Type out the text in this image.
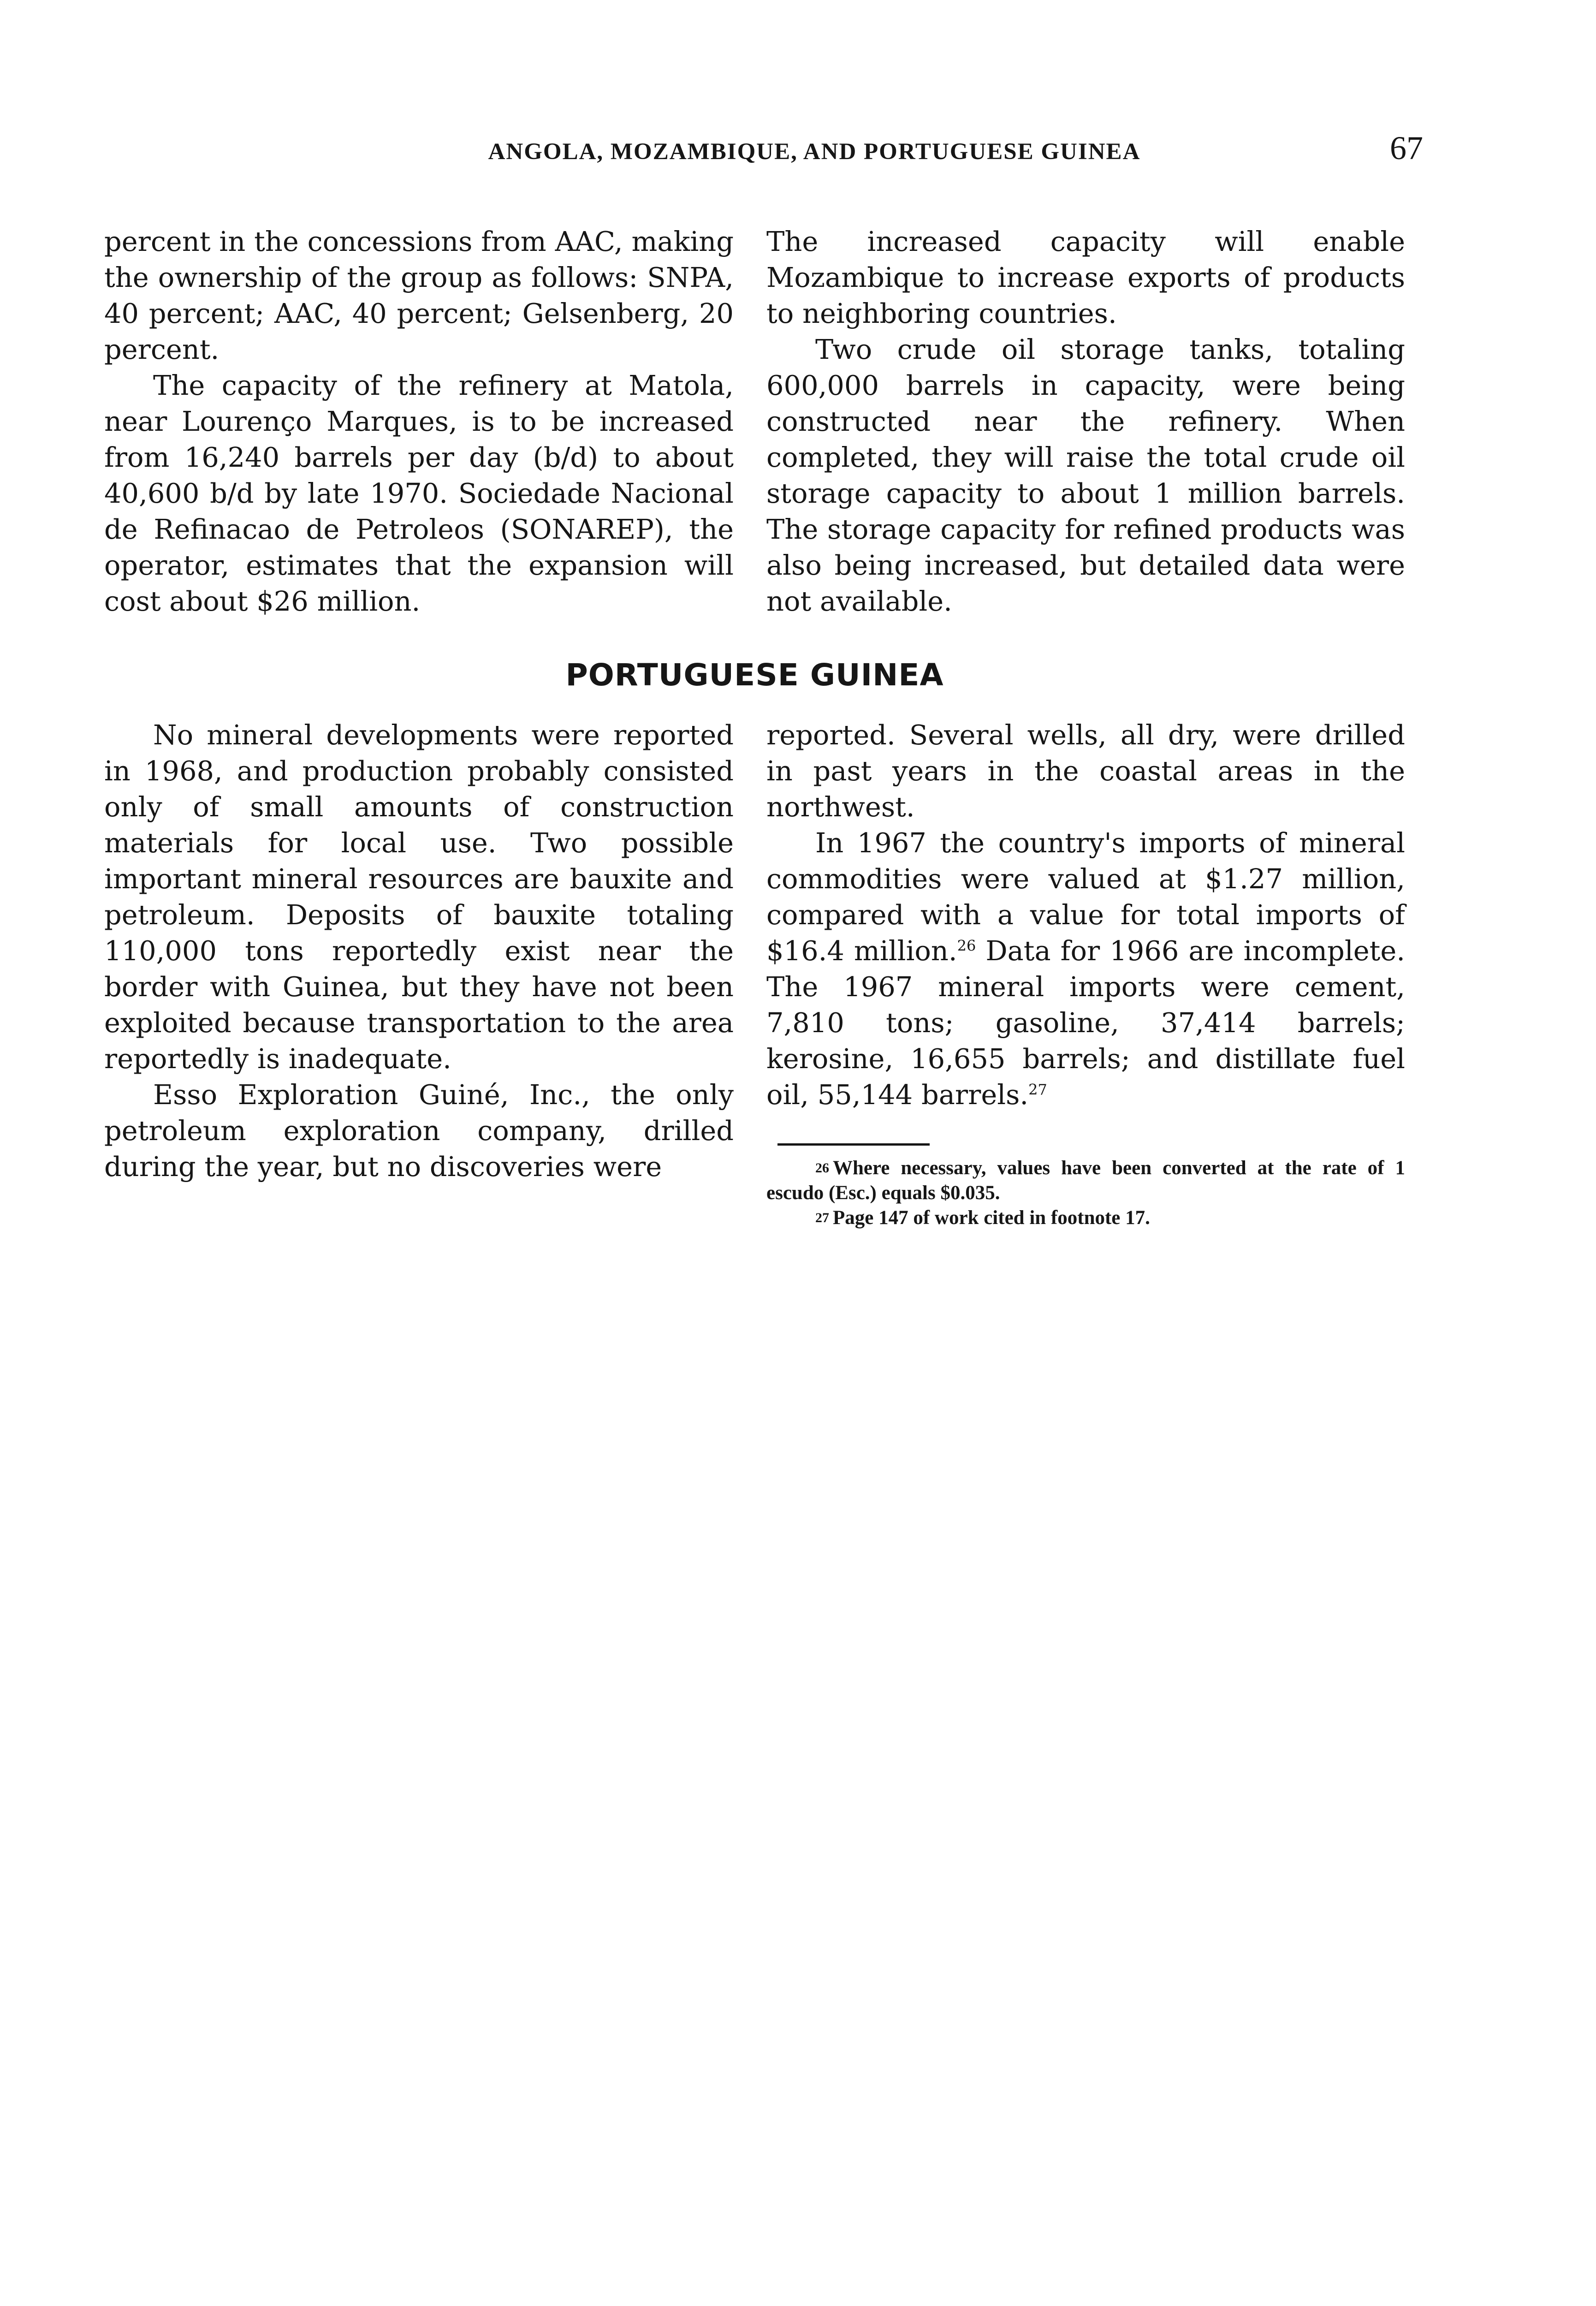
ANGOLA, MOZAMBIQUE, AND PORTUGUESE GUINEA	67

percent in the concessions from AAC, making the ownership of the group as follows: SNPA, 40 percent; AAC, 40 percent; Gelsenberg, 20 percent.

The capacity of the refinery at Matola, near Lourenço Marques, is to be increased from 16,240 barrels per day (b/d) to about 40,600 b/d by late 1970. Sociedade Nacional de Refinacao de Petroleos (SONAREP), the operator, estimates that the expansion will cost about $26 million.

The increased capacity will enable Mozambique to increase exports of products to neighboring countries.

Two crude oil storage tanks, totaling 600,000 barrels in capacity, were being constructed near the refinery. When completed, they will raise the total crude oil storage capacity to about 1 million barrels. The storage capacity for refined products was also being increased, but detailed data were not available.

PORTUGUESE GUINEA

No mineral developments were reported in 1968, and production probably consisted only of small amounts of construction materials for local use. Two possible important mineral resources are bauxite and petroleum. Deposits of bauxite totaling 110,000 tons reportedly exist near the border with Guinea, but they have not been exploited because transportation to the area reportedly is inadequate.

Esso Exploration Guiné, Inc., the only petroleum exploration company, drilled during the year, but no discoveries were

reported. Several wells, all dry, were drilled in past years in the coastal areas in the northwest.

In 1967 the country's imports of mineral commodities were valued at $1.27 million, compared with a value for total imports of $16.4 million.$^{26}$ Data for 1966 are incomplete. The 1967 mineral imports were cement, 7,810 tons; gasoline, 37,414 barrels; kerosine, 16,655 barrels; and distillate fuel oil, 55,144 barrels.$^{27}$

$^{26}$ Where necessary, values have been converted at the rate of 1 escudo (Esc.) equals $0.035.

$^{27}$ Page 147 of work cited in footnote 17.
